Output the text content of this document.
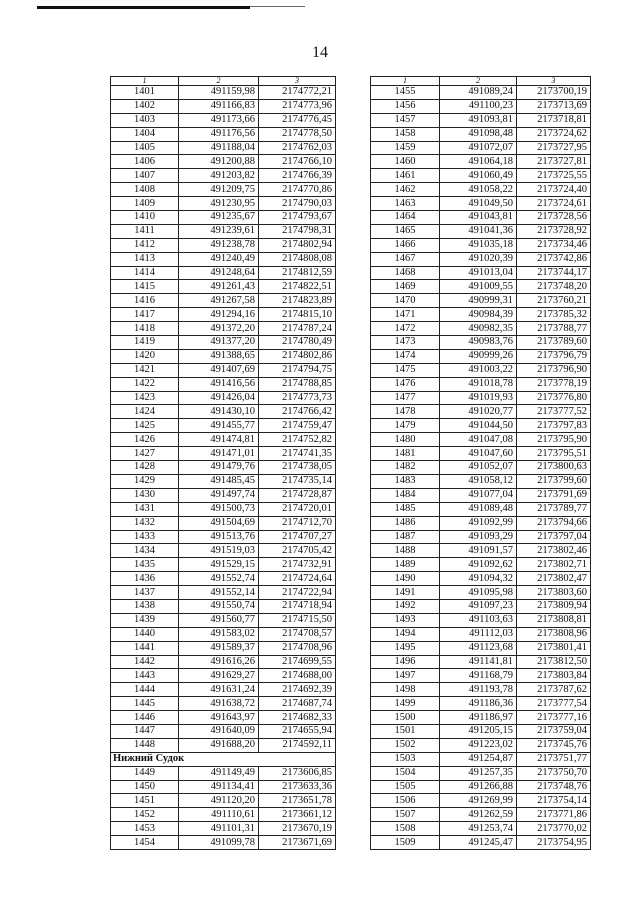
14
1	2	3
1401	491159,98	2174772,21
1402	491166,83	2174773,96
1403	491173,66	2174776,45
1404	491176,56	2174778,50
1405	491188,04	2174762,03
1406	491200,88	2174766,10
1407	491203,82	2174766,39
1408	491209,75	2174770,86
1409	491230,95	2174790,03
1410	491235,67	2174793,67
1411	491239,61	2174798,31
1412	491238,78	2174802,94
1413	491240,49	2174808,08
1414	491248,64	2174812,59
1415	491261,43	2174822,51
1416	491267,58	2174823,89
1417	491294,16	2174815,10
1418	491372,20	2174787,24
1419	491377,20	2174780,49
1420	491388,65	2174802,86
1421	491407,69	2174794,75
1422	491416,56	2174788,85
1423	491426,04	2174773,73
1424	491430,10	2174766,42
1425	491455,77	2174759,47
1426	491474,81	2174752,82
1427	491471,01	2174741,35
1428	491479,76	2174738,05
1429	491485,45	2174735,14
1430	491497,74	2174728,87
1431	491500,73	2174720,01
1432	491504,69	2174712,70
1433	491513,76	2174707,27
1434	491519,03	2174705,42
1435	491529,15	2174732,91
1436	491552,74	2174724,64
1437	491552,14	2174722,94
1438	491550,74	2174718,94
1439	491560,77	2174715,50
1440	491583,02	2174708,57
1441	491589,37	2174708,96
1442	491616,26	2174699,55
1443	491629,27	2174688,00
1444	491631,24	2174692,39
1445	491638,72	2174687,74
1446	491643,97	2174682,33
1447	491640,09	2174655,94
1448	491688,20	2174592,11
Нижний Судок		
1449	491149,49	2173606,85
1450	491134,41	2173633,36
1451	491120,20	2173651,78
1452	491110,61	2173661,12
1453	491101,31	2173670,19
1454	491099,78	2173671,69
1	2	3
1455	491089,24	2173700,19
1456	491100,23	2173713,69
1457	491093,81	2173718,81
1458	491098,48	2173724,62
1459	491072,07	2173727,95
1460	491064,18	2173727,81
1461	491060,49	2173725,55
1462	491058,22	2173724,40
1463	491049,50	2173724,61
1464	491043,81	2173728,56
1465	491041,36	2173728,92
1466	491035,18	2173734,46
1467	491020,39	2173742,86
1468	491013,04	2173744,17
1469	491009,55	2173748,20
1470	490999,31	2173760,21
1471	490984,39	2173785,32
1472	490982,35	2173788,77
1473	490983,76	2173789,60
1474	490999,26	2173796,79
1475	491003,22	2173796,90
1476	491018,78	2173778,19
1477	491019,93	2173776,80
1478	491020,77	2173777,52
1479	491044,50	2173797,83
1480	491047,08	2173795,90
1481	491047,60	2173795,51
1482	491052,07	2173800,63
1483	491058,12	2173799,60
1484	491077,04	2173791,69
1485	491089,48	2173789,77
1486	491092,99	2173794,66
1487	491093,29	2173797,04
1488	491091,57	2173802,46
1489	491092,62	2173802,71
1490	491094,32	2173802,47
1491	491095,98	2173803,60
1492	491097,23	2173809,94
1493	491103,63	2173808,81
1494	491112,03	2173808,96
1495	491123,68	2173801,41
1496	491141,81	2173812,50
1497	491168,79	2173803,84
1498	491193,78	2173787,62
1499	491186,36	2173777,54
1500	491186,97	2173777,16
1501	491205,15	2173759,04
1502	491223,02	2173745,76
1503	491254,87	2173751,77
1504	491257,35	2173750,70
1505	491266,88	2173748,76
1506	491269,99	2173754,14
1507	491262,59	2173771,86
1508	491253,74	2173770,02
1509	491245,47	2173754,95
